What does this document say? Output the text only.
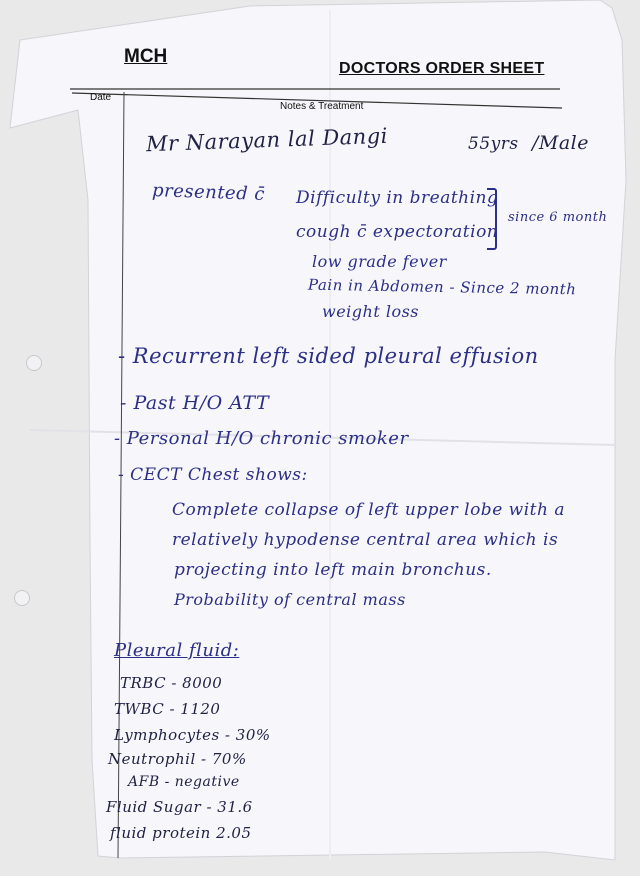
MCH
DOCTORS ORDER SHEET
Date
Notes & Treatment
Mr Narayan lal Dangi	55yrs /Male
presented c̄ Difficulty in breathing
cough c̄ expectoration
since 6 month
low grade fever
Pain in Abdomen - Since 2 month
weight loss
- Recurrent left sided pleural effusion
- Past H/O ATT
- Personal H/O chronic smoker
- CECT Chest shows:
Complete collapse of left upper lobe with a
relatively hypodense central area which is
projecting into left main bronchus.
Probability of central mass
Pleural fluid:
TRBC - 8000
TWBC - 1120
Lymphocytes - 30%
Neutrophil - 70%
AFB - negative
Fluid Sugar - 31.6
fluid protein 2.05
